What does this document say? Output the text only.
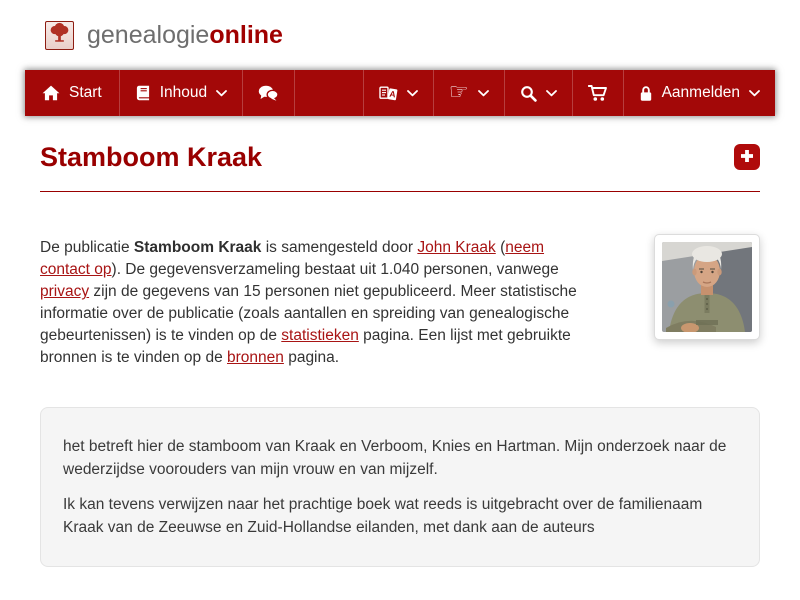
genealogieonline
Start	Inhoud	A ☞	Aanmelden
Stamboom Kraak

De publicatie Stamboom Kraak is samengesteld door John Kraak (neem contact op). De gegevensverzameling bestaat uit 1.040 personen, vanwege privacy zijn de gegevens van 15 personen niet gepubliceerd. Meer statistische informatie over de publicatie (zoals aantallen en spreiding van genealogische gebeurtenissen) is te vinden op de statistieken pagina. Een lijst met gebruikte bronnen is te vinden op de bronnen pagina.

het betreft hier de stamboom van Kraak en Verboom, Knies en Hartman. Mijn onderzoek naar de wederzijdse voorouders van mijn vrouw en van mijzelf.

Ik kan tevens verwijzen naar het prachtige boek wat reeds is uitgebracht over de familienaam Kraak van de Zeeuwse en Zuid-Hollandse eilanden, met dank aan de auteurs
